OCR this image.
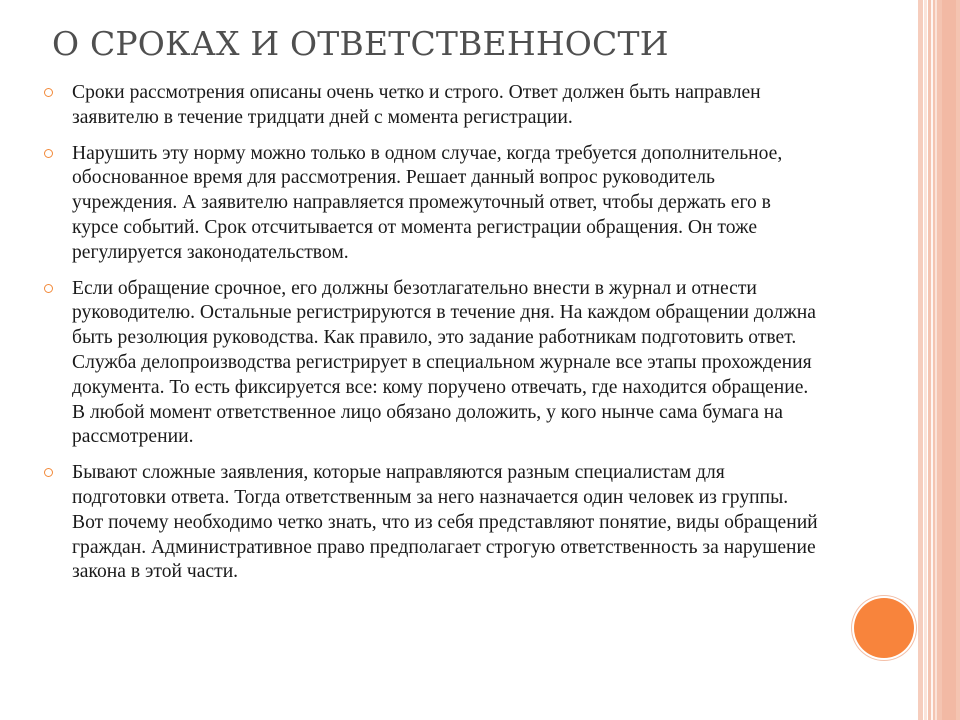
О СРОКАХ И ОТВЕТСТВЕННОСТИ
Сроки рассмотрения описаны очень четко и строго. Ответ должен быть направлен заявителю в течение тридцати дней с момента регистрации.
Нарушить эту норму можно только в одном случае, когда требуется дополнительное, обоснованное время для рассмотрения. Решает данный вопрос руководитель учреждения. А заявителю направляется промежуточный ответ, чтобы держать его в курсе событий. Срок отсчитывается от момента регистрации обращения. Он тоже регулируется законодательством.
Если обращение срочное, его должны безотлагательно внести в журнал и отнести руководителю. Остальные регистрируются в течение дня. На каждом обращении должна быть резолюция руководства. Как правило, это задание работникам подготовить ответ. Служба делопроизводства регистрирует в специальном журнале все этапы прохождения документа. То есть фиксируется все: кому поручено отвечать, где находится обращение. В любой момент ответственное лицо обязано доложить, у кого нынче сама бумага на рассмотрении.
Бывают сложные заявления, которые направляются разным специалистам для подготовки ответа. Тогда ответственным за него назначается один человек из группы. Вот почему необходимо четко знать, что из себя представляют понятие, виды обращений граждан. Административное право предполагает строгую ответственность за нарушение закона в этой части.
